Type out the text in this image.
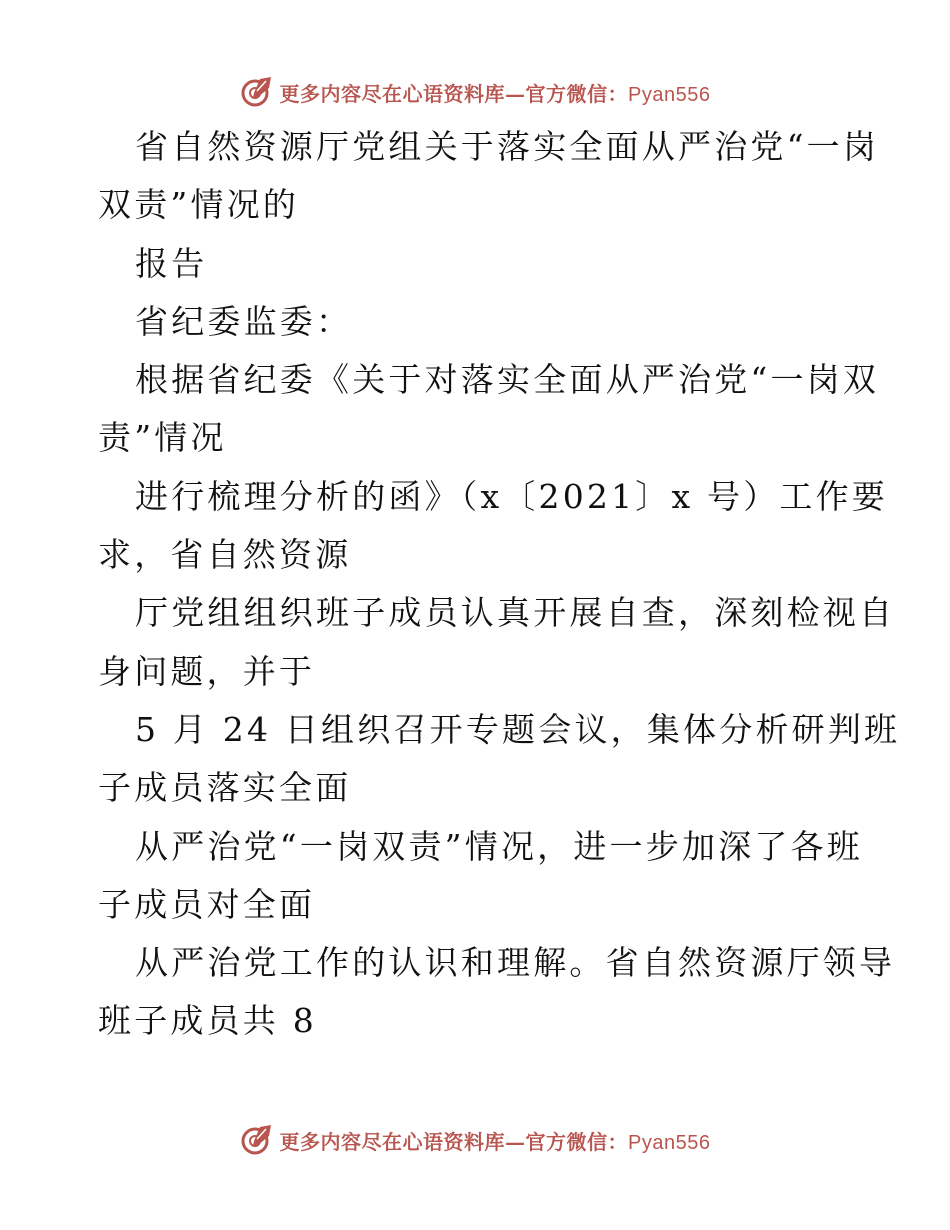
更多内容尽在心语资料库—官方微信：Pyan556
省自然资源厅党组关于落实全面从严治党“一岗
双责”情况的
报告
省纪委监委：
根据省纪委《关于对落实全面从严治党“一岗双
责”情况
进行梳理分析的函》（x〔2021〕x 号）工作要
求，省自然资源
厅党组组织班子成员认真开展自查，深刻检视自
身问题，并于
5 月 24 日组织召开专题会议，集体分析研判班
子成员落实全面
从严治党“一岗双责”情况，进一步加深了各班
子成员对全面
从严治党工作的认识和理解。省自然资源厅领导
班子成员共 8
更多内容尽在心语资料库—官方微信：Pyan556
